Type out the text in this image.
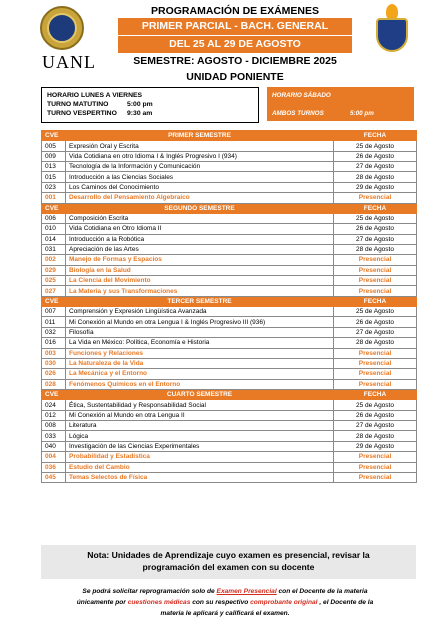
UANL
PROGRAMACIÓN DE EXÁMENES
PRIMER PARCIAL - BACH. GENERAL
DEL 25 AL 29 DE AGOSTO
SEMESTRE: AGOSTO - DICIEMBRE 2025
UNIDAD PONIENTE
HORARIO LUNES A VIERNES
TURNO MATUTINO	5:00 pm
TURNO VESPERTINO	9:30 am
HORARIO SÁBADO
AMBOS TURNOS	5:00 pm
CVE	PRIMER SEMESTRE	FECHA
005	Expresión Oral y Escrita	25 de Agosto
009	Vida Cotidiana en otro Idioma I & Inglés Progresivo I (934)	26 de Agosto
013	Tecnología de la Información y Comunicación	27 de Agosto
015	Introducción a las Ciencias Sociales	28 de Agosto
023	Los Caminos del Conocimiento	29 de Agosto
001	Desarrollo del Pensamiento Algebraico	Presencial
CVE	SEGUNDO SEMESTRE	FECHA
006	Composición Escrita	25 de Agosto
010	Vida Cotidiana en Otro Idioma II	26 de Agosto
014	Introducción a la Robótica	27 de Agosto
031	Apreciación de las Artes	28 de Agosto
002	Manejo de Formas y Espacios	Presencial
029	Biología en la Salud	Presencial
025	La Ciencia del Movimiento	Presencial
027	La Materia y sus Transformaciones	Presencial
CVE	TERCER SEMESTRE	FECHA
007	Comprensión y Expresión Lingüística Avanzada	25 de Agosto
011	Mi Conexión al Mundo en otra Lengua I & Inglés Progresivo III (936)	26 de Agosto
032	Filosofía	27 de Agosto
016	La Vida en México: Política, Economía e Historia	28 de Agosto
003	Funciones y Relaciones	Presencial
030	La Naturaleza de la Vida	Presencial
026	La Mecánica y el Entorno	Presencial
028	Fenómenos Químicos en el Entorno	Presencial
CVE	CUARTO SEMESTRE	FECHA
024	Ética, Sustentabilidad y Responsabilidad Social	25 de Agosto
012	Mi Conexión al Mundo en otra Lengua II	26 de Agosto
008	Literatura	27 de Agosto
033	Lógica	28 de Agosto
040	Investigación de las Ciencias Experimentales	29 de Agosto
004	Probabilidad y Estadística	Presencial
036	Estudio del Cambio	Presencial
045	Temas Selectos de Física	Presencial
Nota: Unidades de Aprendizaje cuyo examen es presencial, revisar la
programación del examen con su docente
Se podrá solicitar reprogramación solo de Examen Presencial con el Docente de la materia
únicamente por cuestiones médicas con su respectivo comprobante original , el Docente de la
materia le aplicará y calificará el examen.
